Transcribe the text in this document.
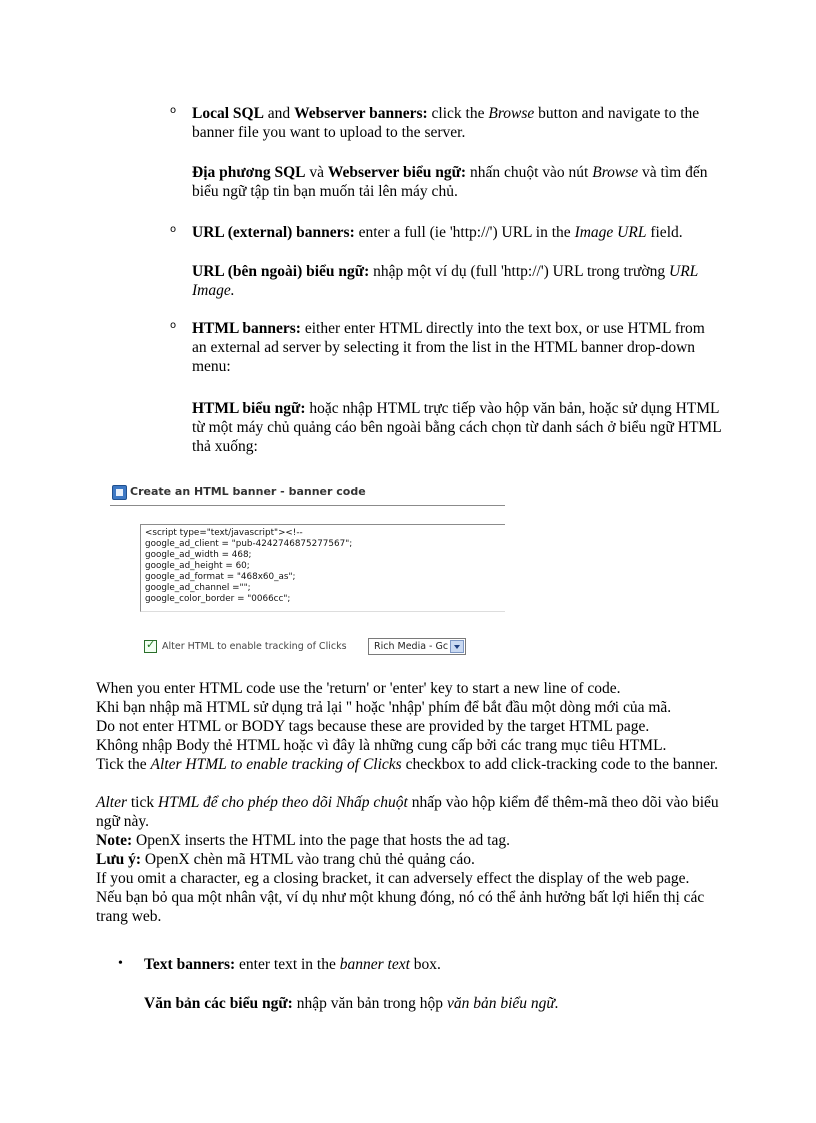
o Local SQL and Webserver banners: click the Browse button and navigate to the banner file you want to upload to the server.
Địa phương SQL và Webserver biểu ngữ: nhấn chuột vào nút Browse và tìm đến biểu ngữ tập tin bạn muốn tải lên máy chủ.
o URL (external) banners: enter a full (ie 'http://') URL in the Image URL field.
URL (bên ngoài) biểu ngữ: nhập một ví dụ (full 'http://') URL trong trường URL Image.
o HTML banners: either enter HTML directly into the text box, or use HTML from an external ad server by selecting it from the list in the HTML banner drop-down menu:
HTML biểu ngữ: hoặc nhập HTML trực tiếp vào hộp văn bản, hoặc sử dụng HTML từ một máy chủ quảng cáo bên ngoài bằng cách chọn từ danh sách ở biểu ngữ HTML thả xuống:
Create an HTML banner - banner code
<script type="text/javascript"><!--
google_ad_client = "pub-4242746875277567";
google_ad_width = 468;
google_ad_height = 60;
google_ad_format = "468x60_as";
google_ad_channel ="";
google_color_border = "0066cc";
✓
Alter HTML to enable tracking of Clicks	Rich Media - Gc
When you enter HTML code use the 'return' or 'enter' key to start a new line of code.
Khi bạn nhập mã HTML sử dụng trả lại '' hoặc 'nhập' phím để bắt đầu một dòng mới của mã.
Do not enter HTML or BODY tags because these are provided by the target HTML page.
Không nhập Body thẻ HTML hoặc vì đây là những cung cấp bởi các trang mục tiêu HTML.
Tick the Alter HTML to enable tracking of Clicks checkbox to add click-tracking code to the banner.
Alter tick HTML để cho phép theo dõi Nhấp chuột nhấp vào hộp kiểm để thêm-mã theo dõi vào biểu ngữ này.
Note: OpenX inserts the HTML into the page that hosts the ad tag.
Lưu ý: OpenX chèn mã HTML vào trang chủ thẻ quảng cáo.
If you omit a character, eg a closing bracket, it can adversely effect the display of the web page.
Nếu bạn bỏ qua một nhân vật, ví dụ như một khung đóng, nó có thể ảnh hưởng bất lợi hiển thị các trang web.
• Text banners: enter text in the banner text box.
Văn bản các biểu ngữ: nhập văn bản trong hộp văn bản biểu ngữ.
